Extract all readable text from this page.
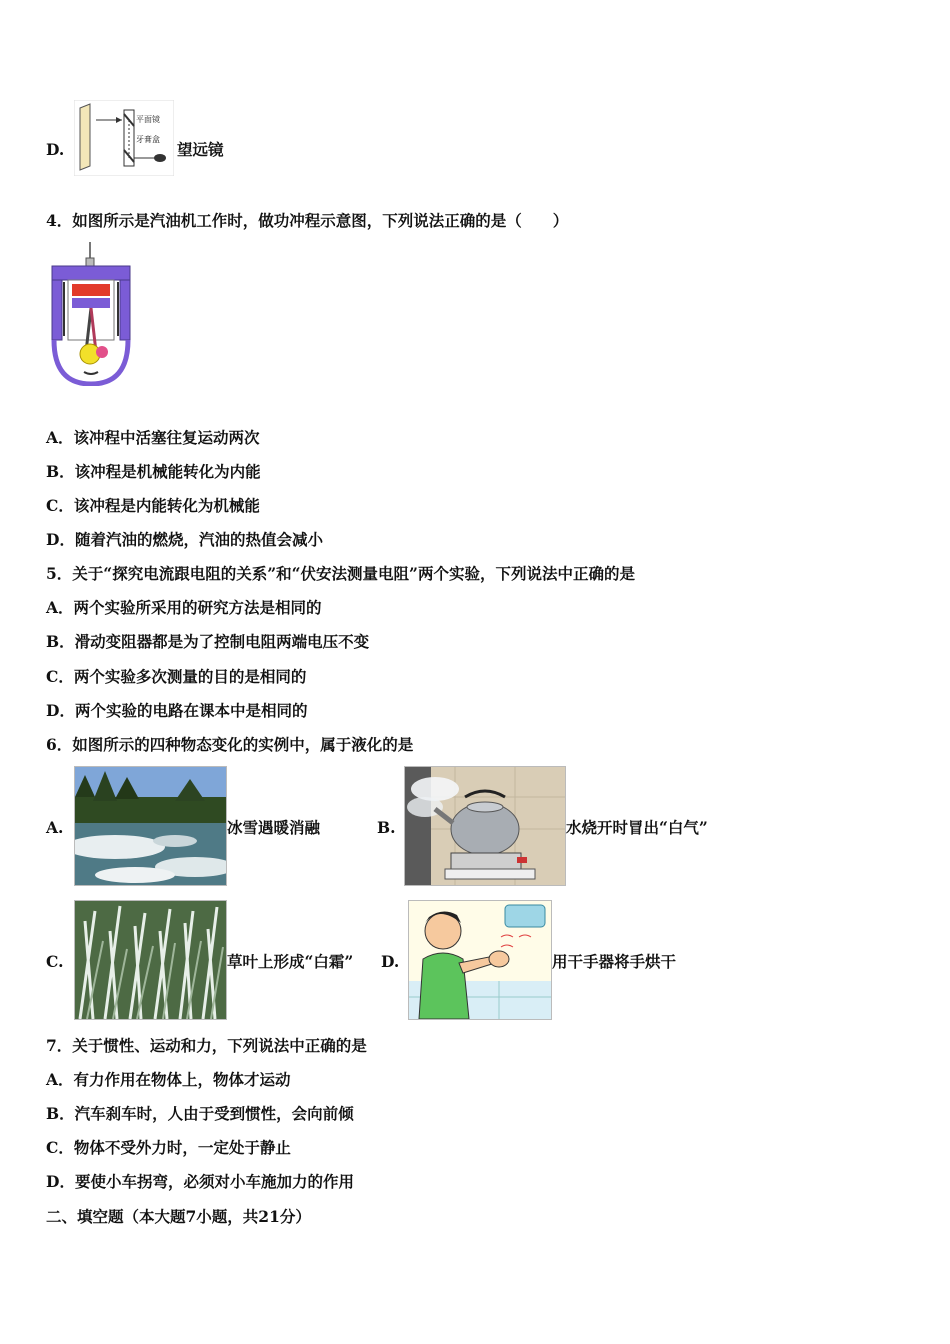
D.
平面镜
牙膏盒
望远镜
4．如图所示是汽油机工作时，做功冲程示意图，下列说法正确的是（　　）
A．该冲程中活塞往复运动两次
B．该冲程是机械能转化为内能
C．该冲程是内能转化为机械能
D．随着汽油的燃烧，汽油的热值会减小
5．关于“探究电流跟电阻的关系”和“伏安法测量电阻”两个实验，下列说法中正确的是
A．两个实验所采用的研究方法是相同的
B．滑动变阻器都是为了控制电阻两端电压不变
C．两个实验多次测量的目的是相同的
D．两个实验的电路在课本中是相同的
6．如图所示的四种物态变化的实例中，属于液化的是
A.	冰雪遇暖消融	B.	水烧开时冒出“白气”
C.	草叶上形成“白霜” D.	用干手器将手烘干
7．关于惯性、运动和力，下列说法中正确的是
A．有力作用在物体上，物体才运动
B．汽车刹车时，人由于受到惯性，会向前倾
C．物体不受外力时，一定处于静止
D．要使小车拐弯，必须对小车施加力的作用
二、填空题（本大题7小题，共21分）
